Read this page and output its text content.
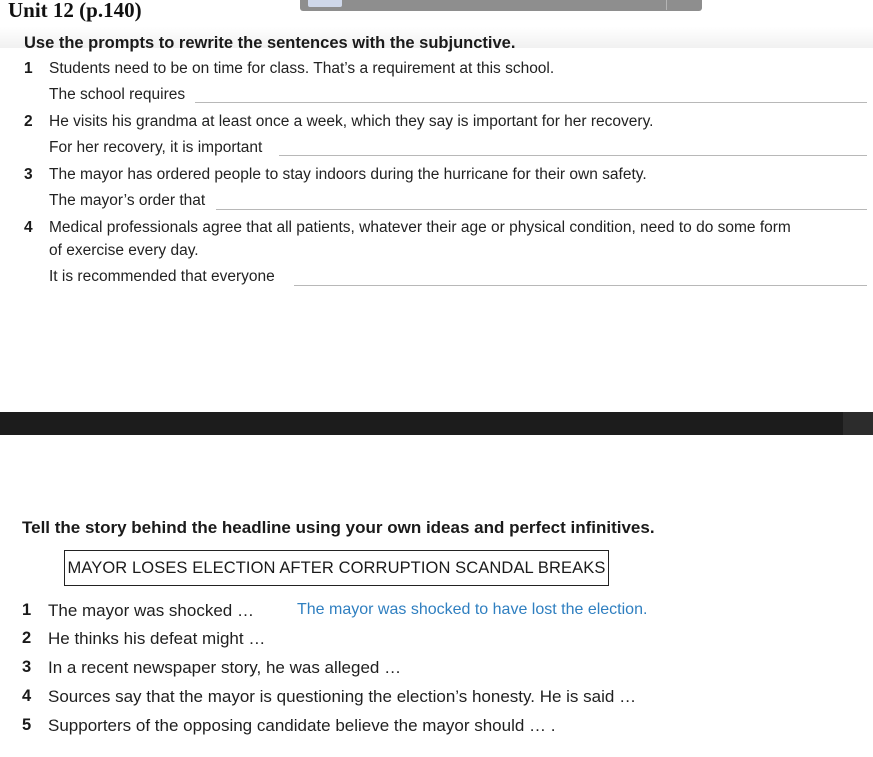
Unit 12 (p.140)
Use the prompts to rewrite the sentences with the subjunctive.
1 Students need to be on time for class. That’s a requirement at this school.
The school requires
2 He visits his grandma at least once a week, which they say is important for her recovery.
For her recovery, it is important
3 The mayor has ordered people to stay indoors during the hurricane for their own safety.
The mayor’s order that
4 Medical professionals agree that all patients, whatever their age or physical condition, need to do some form
of exercise every day.
It is recommended that everyone
Tell the story behind the headline using your own ideas and perfect infinitives.
MAYOR LOSES ELECTION AFTER CORRUPTION SCANDAL BREAKS
1 The mayor was shocked …	The mayor was shocked to have lost the election.
2 He thinks his defeat might …
3 In a recent newspaper story, he was alleged …
4 Sources say that the mayor is questioning the election’s honesty. He is said …
5 Supporters of the opposing candidate believe the mayor should … .
